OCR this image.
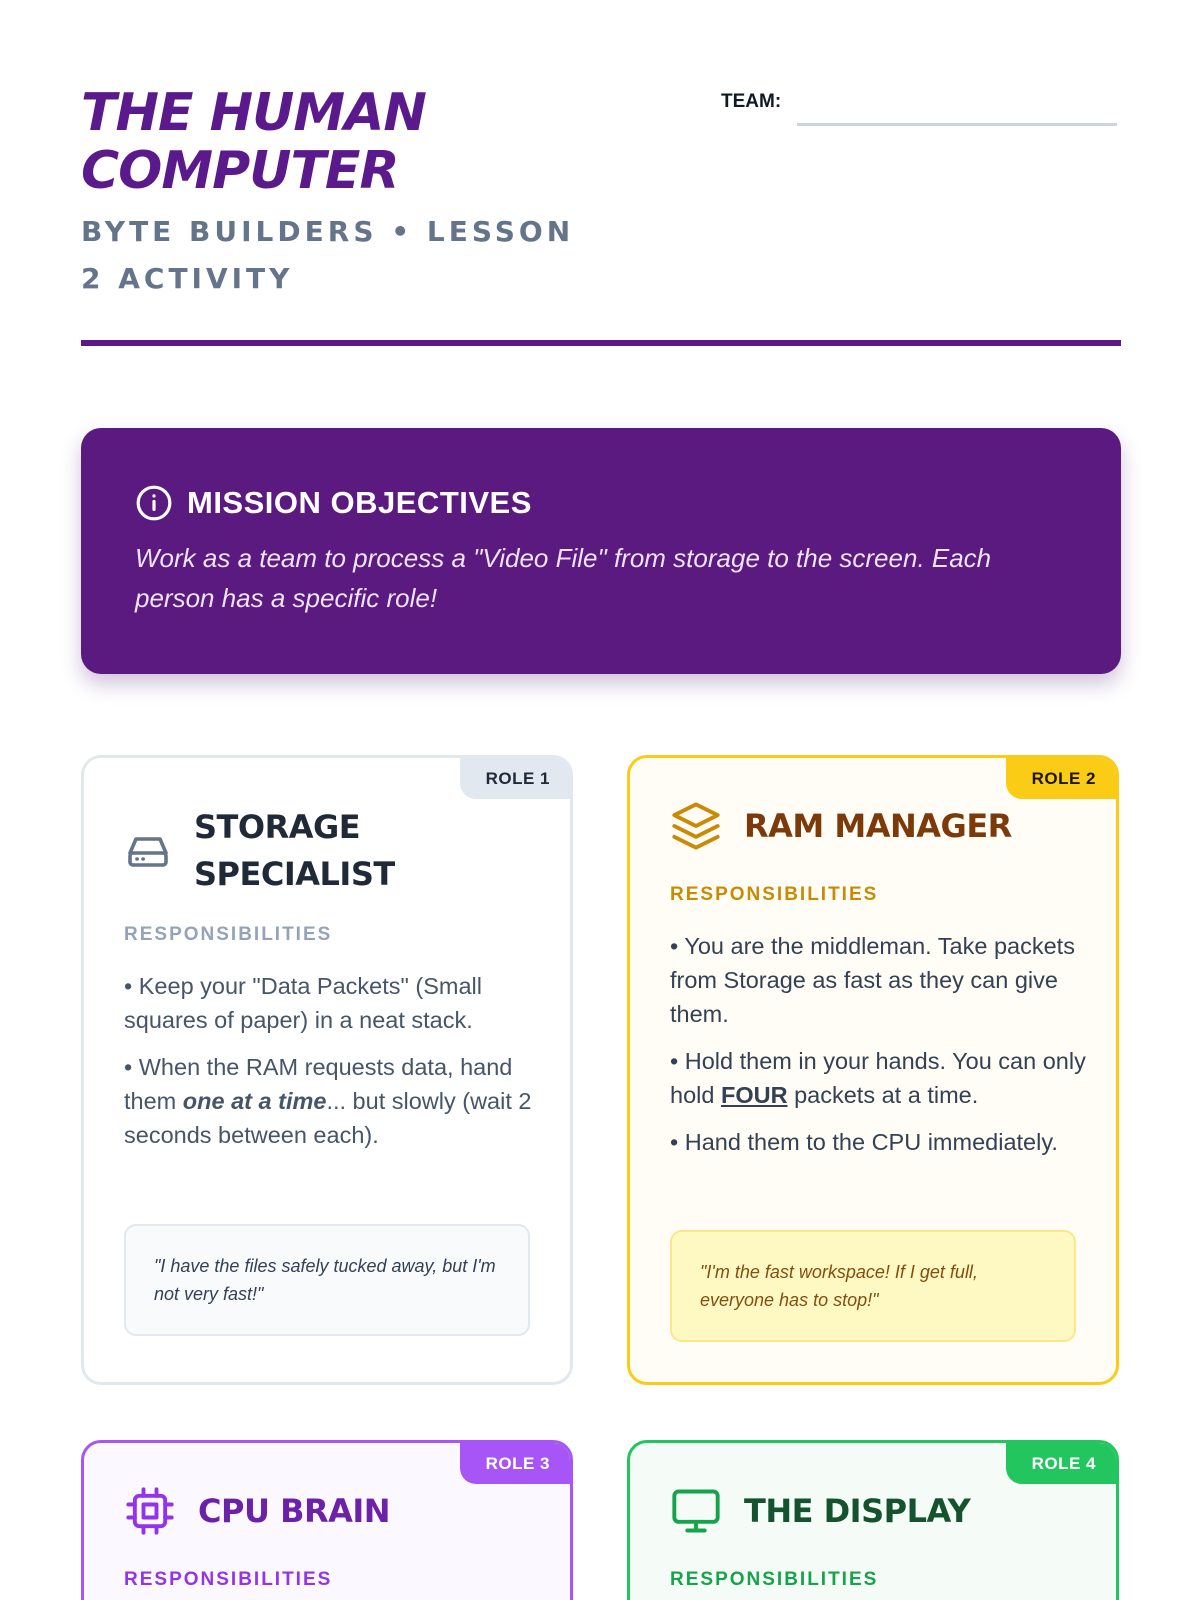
THE HUMAN COMPUTER
BYTE BUILDERS • LESSON 2 ACTIVITY
TEAM:
MISSION OBJECTIVES
Work as a team to process a "Video File" from storage to the screen. Each person has a specific role!
ROLE 1
STORAGE SPECIALIST
RESPONSIBILITIES

• Keep your "Data Packets" (Small squares of paper) in a neat stack.

• When the RAM requests data, hand them one at a time... but slowly (wait 2 seconds between each).

"I have the files safely tucked away, but I'm not very fast!"
ROLE 2
RAM MANAGER
RESPONSIBILITIES

• You are the middleman. Take packets from Storage as fast as they can give them.

• Hold them in your hands. You can only hold FOUR packets at a time.

• Hand them to the CPU immediately.

"I'm the fast workspace! If I get full, everyone has to stop!"
ROLE 3
CPU BRAIN
RESPONSIBILITIES
ROLE 4
THE DISPLAY
RESPONSIBILITIES
